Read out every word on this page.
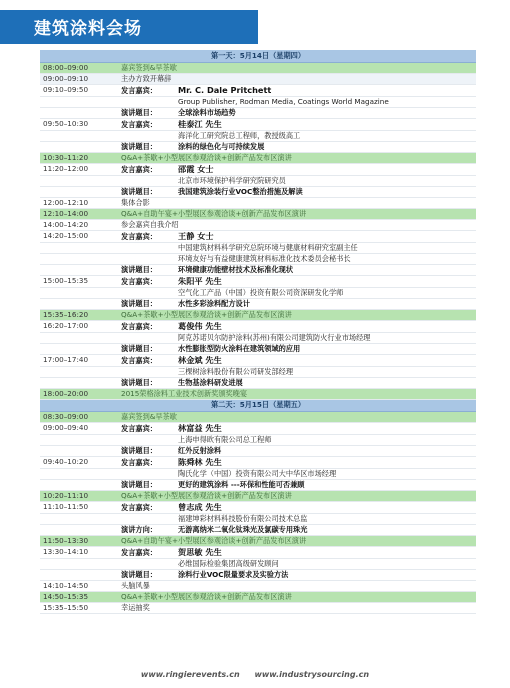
建筑涂料会场
第一天：5月14日（星期四）	
08:00–09:00	嘉宾签到&早茶歇
09:00–09:10	主办方致开幕辞
09:10–09:50	发言嘉宾： Mr. C. Dale Pritchett
	Group Publisher, Rodman Media, Coatings World Magazine
	演讲题目： 全球涂料市场趋势
09:50–10:30	发言嘉宾： 桂泰江 先生
	海洋化工研究院总工程师，教授级高工
	演讲题目： 涂料的绿色化与可持续发展
10:30–11:20	Q&A+茶歇+小型展区参观洽谈+创新产品发布区演讲
11:20–12:00	发言嘉宾： 邵霞 女士
	北京市环境保护科学研究院研究员
	演讲题目： 我国建筑涂装行业VOC整治措施及解读
12:00–12:10	集体合影
12:10–14:00	Q&A+自助午宴+小型展区参观洽谈+创新产品发布区演讲
14:00–14:20	参会嘉宾自我介绍
14:20–15:00	发言嘉宾： 王静 女士
	中国建筑材料科学研究总院环境与健康材料研究室副主任
	环境友好与有益健康建筑材料标准化技术委员会秘书长
	演讲题目： 环境健康功能壁材技术及标准化现状
15:00–15:35	发言嘉宾： 朱阳平 先生
	空气化工产品（中国）投资有限公司资深研发化学师
	演讲题目： 水性多彩涂料配方设计
15:35–16:20	Q&A+茶歇+小型展区参观洽谈+创新产品发布区演讲
16:20–17:00	发言嘉宾： 葛俊伟 先生
	阿克苏诺贝尔防护涂料(苏州)有限公司建筑防火行业市场经理
	演讲题目： 水性膨胀型防火涂料在建筑领域的应用
17:00–17:40	发言嘉宾： 林金斌 先生
	三棵树涂料股份有限公司研发部经理
	演讲题目： 生物基涂料研发进展
18:00–20:00	2015荣格涂料工业技术创新奖颁奖晚宴
第二天：5月15日（星期五）	
08:30–09:00	嘉宾签到&早茶歇
09:00–09:40	发言嘉宾： 林富益 先生
	上海申得欧有限公司总工程师
	演讲题目： 红外反射涂料
09:40–10:20	发言嘉宾： 陈舜林 先生
	陶氏化学（中国）投资有限公司大中华区市场经理
	演讲题目： 更好的建筑涂料 ---环保和性能可否兼顾
10:20–11:10	Q&A+茶歇+小型展区参观洽谈+创新产品发布区演讲
11:10–11:50	发言嘉宾： 曾志成 先生
	福建坤彩材料科技股份有限公司技术总监
	演讲方向： 无游离纳米二氧化钛珠光及氯碳专用珠光
11:50–13:30	Q&A+自助午宴+小型展区参观洽谈+创新产品发布区演讲
13:30–14:10	发言嘉宾： 贺思敏 先生
	必维国际检验集团高级研发顾问
	演讲题目： 涂料行业VOC限量要求及实验方法
14:10–14:50	头脑风暴
14:50–15:35	Q&A+茶歇+小型展区参观洽谈+创新产品发布区演讲
15:35–15:50	幸运抽奖
www.ringierevents.cn www.industrysourcing.cn
